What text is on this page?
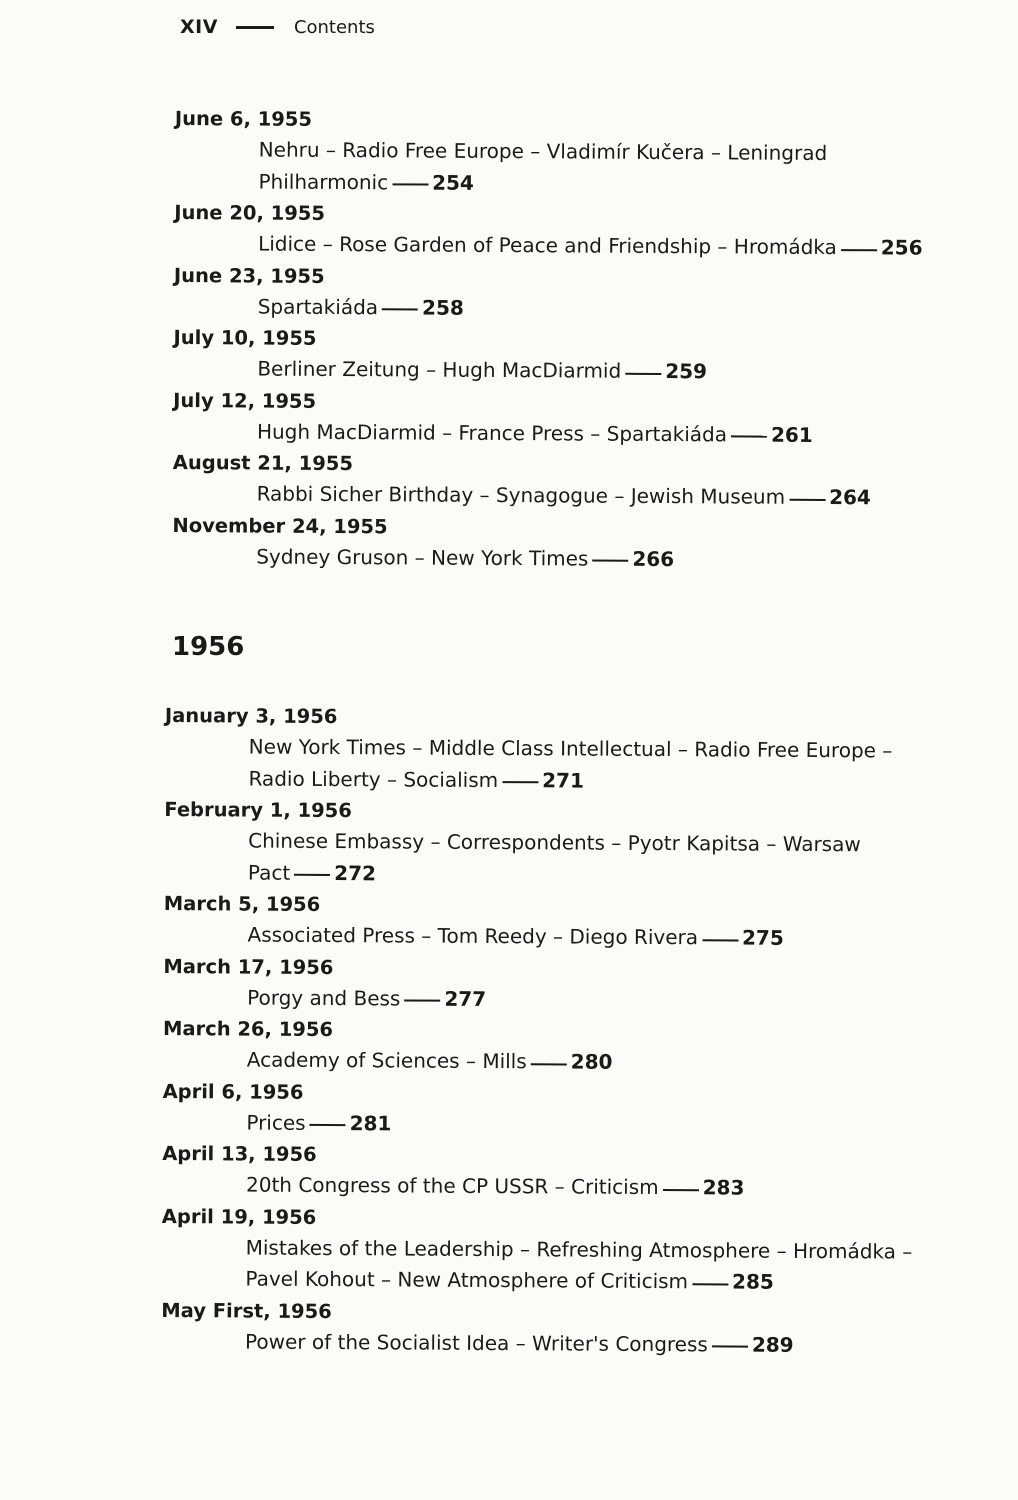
XIV	Contents
June 6, 1955
Nehru – Radio Free Europe – Vladimír Kučera – Leningrad
Philharmonic 254
June 20, 1955
Lidice – Rose Garden of Peace and Friendship – Hromádka 256
June 23, 1955
Spartakiáda 258
July 10, 1955
Berliner Zeitung – Hugh MacDiarmid 259
July 12, 1955
Hugh MacDiarmid – France Press – Spartakiáda 261
August 21, 1955
Rabbi Sicher Birthday – Synagogue – Jewish Museum 264
November 24, 1955
Sydney Gruson – New York Times 266
1956
January 3, 1956
New York Times – Middle Class Intellectual – Radio Free Europe –
Radio Liberty – Socialism 271
February 1, 1956
Chinese Embassy – Correspondents – Pyotr Kapitsa – Warsaw
Pact 272
March 5, 1956
Associated Press – Tom Reedy – Diego Rivera 275
March 17, 1956
Porgy and Bess 277
March 26, 1956
Academy of Sciences – Mills 280
April 6, 1956
Prices 281
April 13, 1956
20th Congress of the CP USSR – Criticism 283
April 19, 1956
Mistakes of the Leadership – Refreshing Atmosphere – Hromádka –
Pavel Kohout – New Atmosphere of Criticism 285
May First, 1956
Power of the Socialist Idea – Writer's Congress 289
